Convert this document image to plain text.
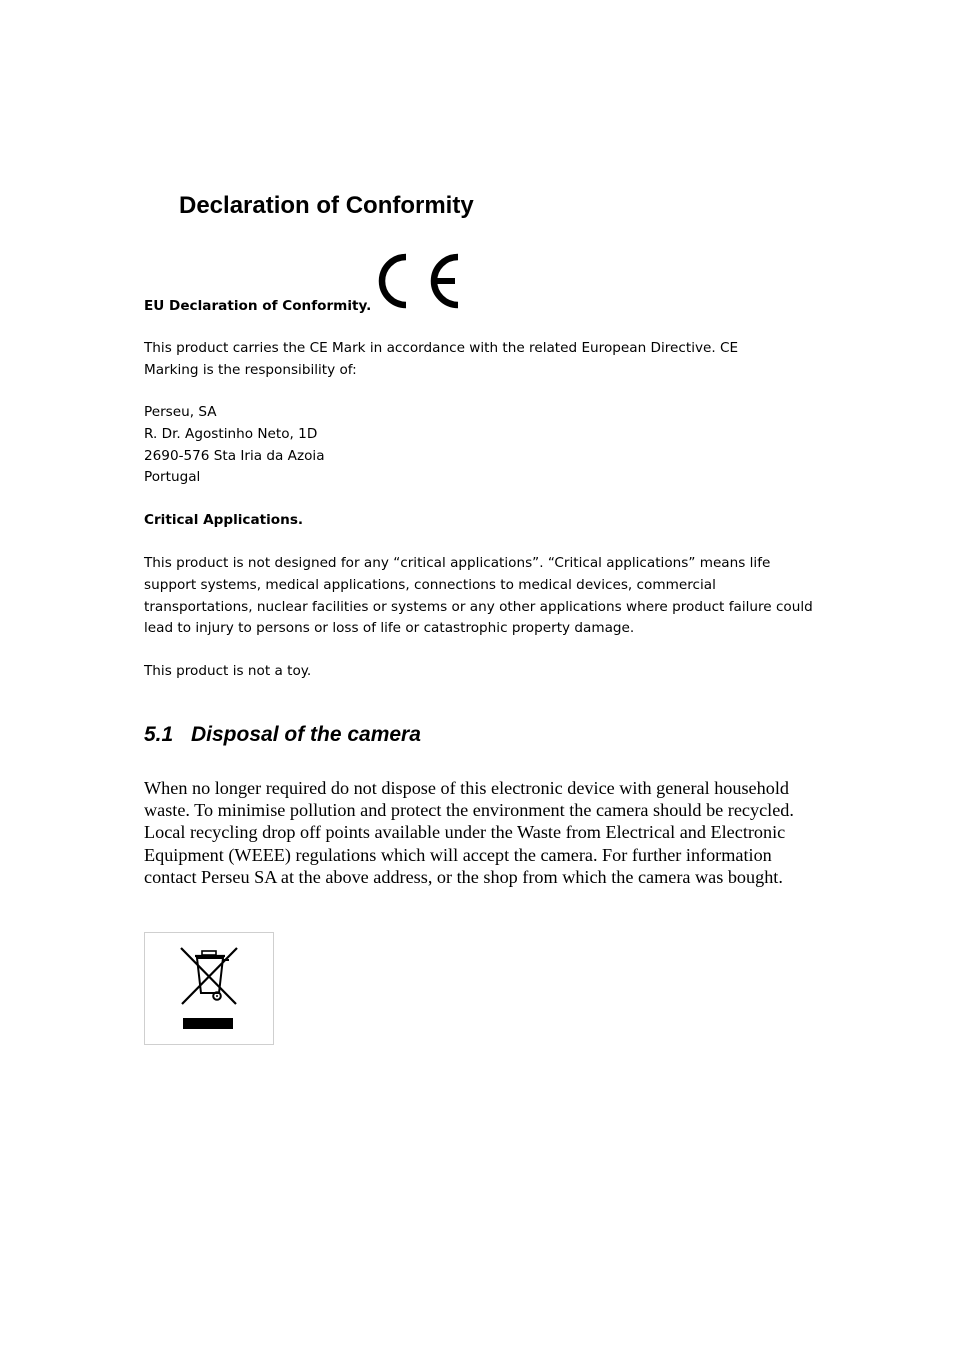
Declaration of Conformity
EU Declaration of Conformity.
This product carries the CE Mark in accordance with the related European Directive. CE Marking is the responsibility of:
Perseu, SA
R. Dr. Agostinho Neto, 1D
2690-576 Sta Iria da Azoia
Portugal
Critical Applications.
This product is not designed for any “critical applications”. “Critical applications” means life support systems, medical applications, connections to medical devices, commercial transportations, nuclear facilities or systems or any other applications where product failure could lead to injury to persons or loss of life or catastrophic property damage.
This product is not a toy.
5.1 Disposal of the camera
When no longer required do not dispose of this electronic device with general household waste. To minimise pollution and protect the environment the camera should be recycled. Local recycling drop off points available under the Waste from Electrical and Electronic Equipment (WEEE) regulations which will accept the camera. For further information contact Perseu SA at the above address, or the shop from which the camera was bought.
